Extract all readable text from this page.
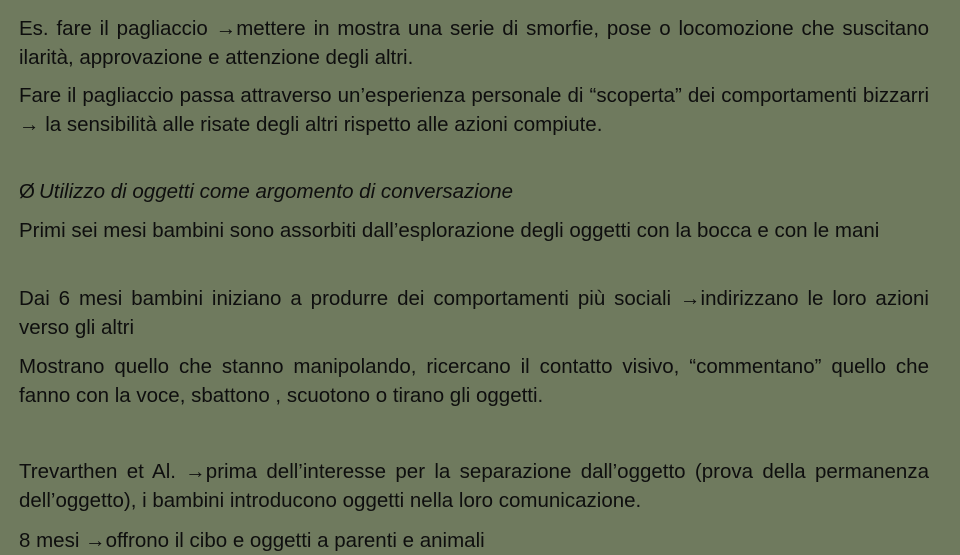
Es. fare il pagliaccio →mettere in mostra una serie di smorfie, pose o locomozione che suscitano ilarità, approvazione e attenzione degli altri.

Fare il pagliaccio passa attraverso un’esperienza personale di “scoperta” dei comportamenti bizzarri → la sensibilità alle risate degli altri rispetto alle azioni compiute.

Ø Utilizzo di oggetti come argomento di conversazione

Primi sei mesi bambini sono assorbiti dall’esplorazione degli oggetti con la bocca e con le mani

Dai 6 mesi bambini iniziano a produrre dei comportamenti più sociali →indirizzano le loro azioni verso gli altri

Mostrano quello che stanno manipolando, ricercano il contatto visivo, “commentano” quello che fanno con la voce, sbattono , scuotono o tirano gli oggetti.

Trevarthen et Al. →prima dell’interesse per la separazione dall’oggetto (prova della permanenza dell’oggetto), i bambini introducono oggetti nella loro comunicazione.

8 mesi →offrono il cibo e oggetti a parenti e animali
